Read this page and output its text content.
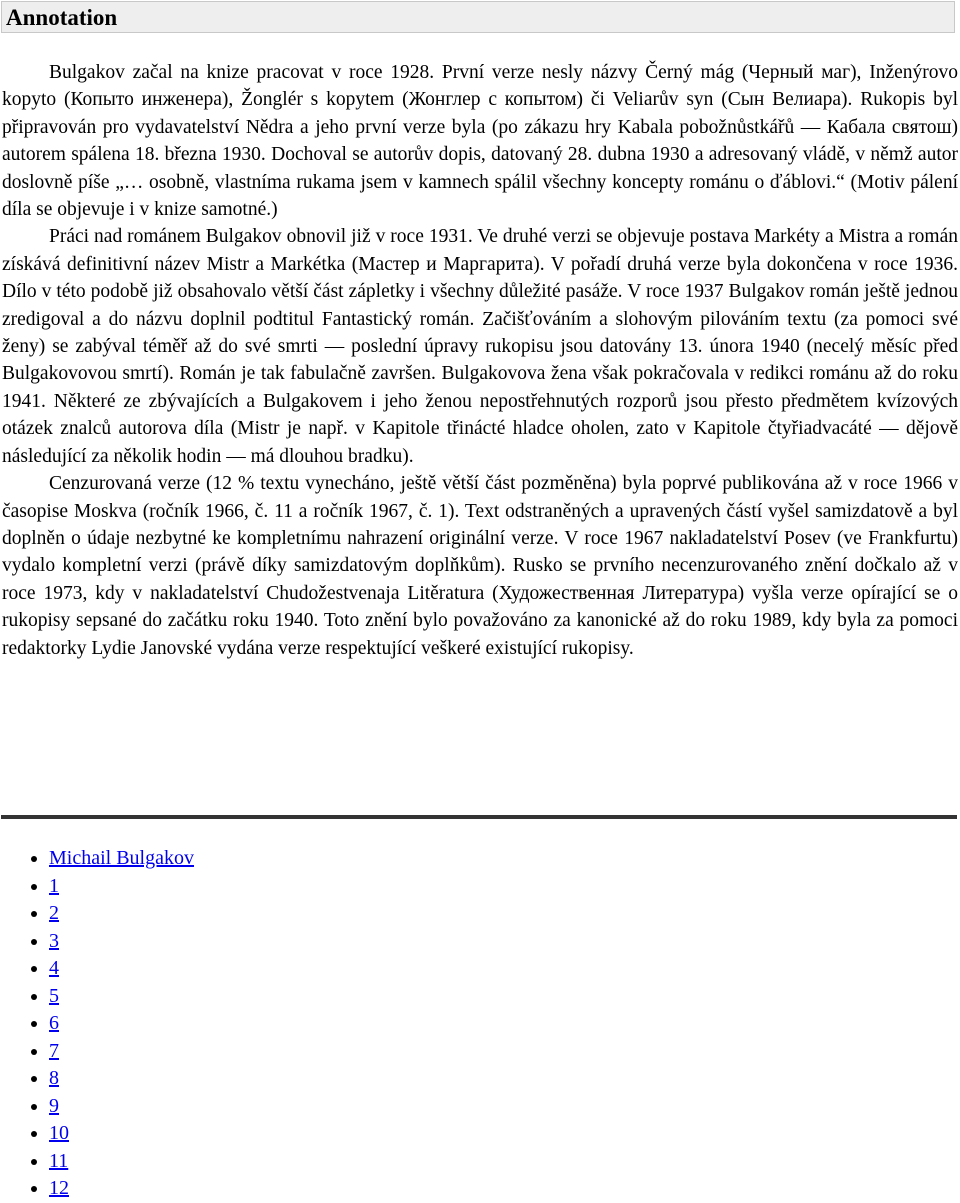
Annotation

Bulgakov začal na knize pracovat v roce 1928. První verze nesly názvy Černý mág (Черный маг), Inženýrovo kopyto (Копыто инженера), Žonglér s kopytem (Жонглер с копытом) či Veliarův syn (Сын Велиара). Rukopis byl připravován pro vydavatelství Nědra a jeho první verze byla (po zákazu hry Kabala pobožnůstkářů — Кабала святош) autorem spálena 18. března 1930. Dochoval se autorův dopis, datovaný 28. dubna 1930 a adresovaný vládě, v němž autor doslovně píše „… osobně, vlastníma rukama jsem v kamnech spálil všechny koncepty románu o ďáblovi.“ (Motiv pálení díla se objevuje i v knize samotné.)

Práci nad románem Bulgakov obnovil již v roce 1931. Ve druhé verzi se objevuje postava Markéty a Mistra a román získává definitivní název Mistr a Markétka (Мастер и Маргарита). V pořadí druhá verze byla dokončena v roce 1936. Dílo v této podobě již obsahovalo větší část zápletky i všechny důležité pasáže. V roce 1937 Bulgakov román ještě jednou zredigoval a do názvu doplnil podtitul Fantastický román. Začišťováním a slohovým pilováním textu (za pomoci své ženy) se zabýval téměř až do své smrti — poslední úpravy rukopisu jsou datovány 13. února 1940 (necelý měsíc před Bulgakovovou smrtí). Román je tak fabulačně završen. Bulgakovova žena však pokračovala v redikci románu až do roku 1941. Některé ze zbývajících a Bulgakovem i jeho ženou nepostřehnutých rozporů jsou přesto předmětem kvízových otázek znalců autorova díla (Mistr je např. v Kapitole třinácté hladce oholen, zato v Kapitole čtyřiadvacáté — dějově následující za několik hodin — má dlouhou bradku).

Cenzurovaná verze (12 % textu vynecháno, ještě větší část pozměněna) byla poprvé publikována až v roce 1966 v časopise Moskva (ročník 1966, č. 11 a ročník 1967, č. 1). Text odstraněných a upravených částí vyšel samizdatově a byl doplněn o údaje nezbytné ke kompletnímu nahrazení originální verze. V roce 1967 nakladatelství Posev (ve Frankfurtu) vydalo kompletní verzi (právě díky samizdatovým doplňkům). Rusko se prvního necenzurovaného znění dočkalo až v roce 1973, kdy v nakladatelství Chudožestvenaja Litěratura (Художественная Литература) vyšla verze opírající se o rukopisy sepsané do začátku roku 1940. Toto znění bylo považováno za kanonické až do roku 1989, kdy byla za pomoci redaktorky Lydie Janovské vydána verze respektující veškeré existující rukopisy.

• Michail Bulgakov
• 1
• 2
• 3
• 4
• 5
• 6
• 7
• 8
• 9
• 10
• 11
• 12
